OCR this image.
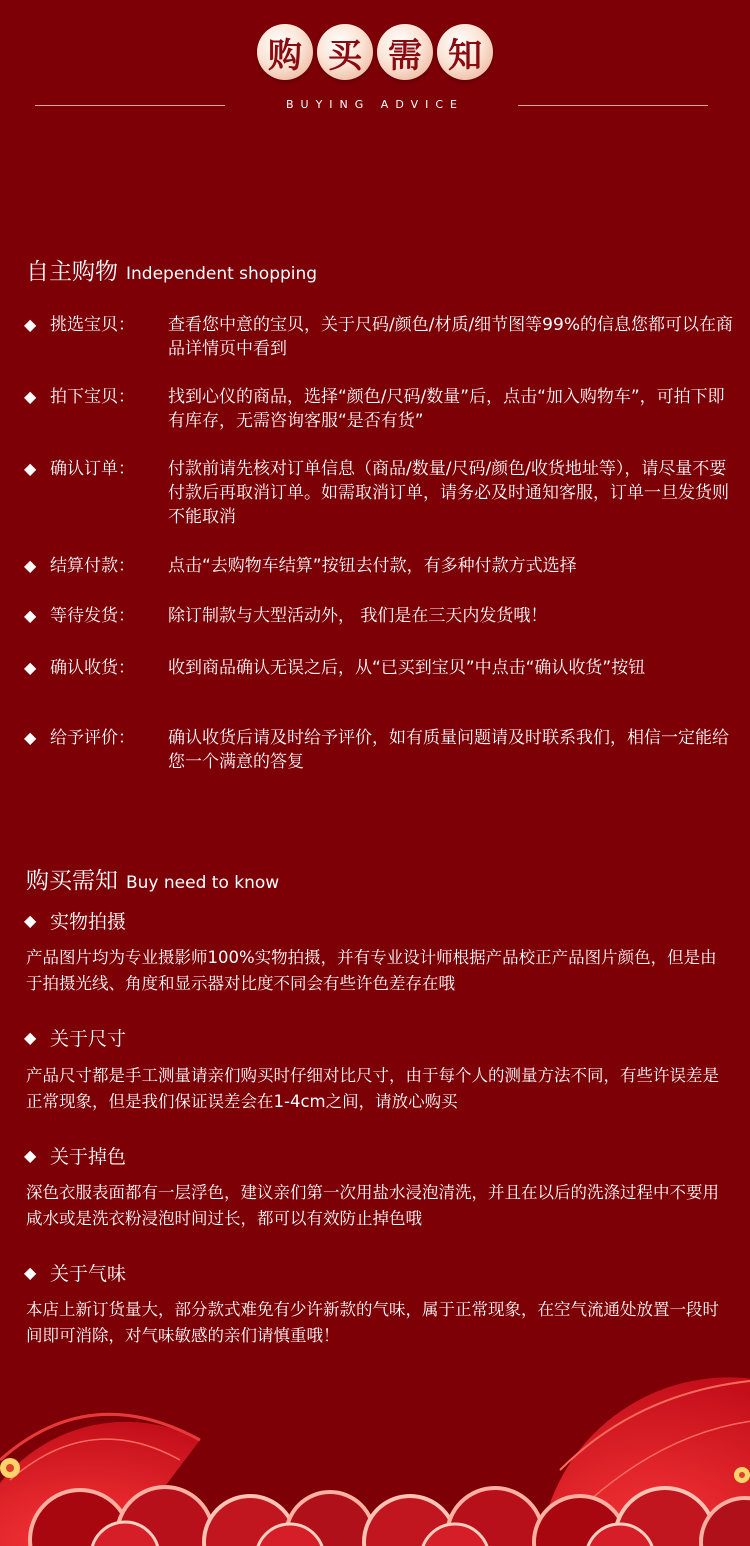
购 买 需 知
BUYING ADVICE
自主购物 Independent shopping
◆ 挑选宝贝：	查看您中意的宝贝，关于尺码/颜色/材质/细节图等99%的信息您都可以在商品详情页中看到
◆ 拍下宝贝：	找到心仪的商品，选择“颜色/尺码/数量”后，点击“加入购物车”，可拍下即有库存，无需咨询客服“是否有货”
◆ 确认订单：	付款前请先核对订单信息（商品/数量/尺码/颜色/收货地址等），请尽量不要付款后再取消订单。如需取消订单，请务必及时通知客服，订单一旦发货则不能取消
◆ 结算付款：	点击“去购物车结算”按钮去付款，有多种付款方式选择
◆ 等待发货：	除订制款与大型活动外， 我们是在三天内发货哦！
◆ 确认收货：	收到商品确认无误之后，从“已买到宝贝”中点击“确认收货”按钮
◆ 给予评价：	确认收货后请及时给予评价，如有质量问题请及时联系我们，相信一定能给您一个满意的答复
购买需知 Buy need to know
◆ 实物拍摄
产品图片均为专业摄影师100%实物拍摄，并有专业设计师根据产品校正产品图片颜色，但是由于拍摄光线、角度和显示器对比度不同会有些许色差存在哦
◆ 关于尺寸
产品尺寸都是手工测量请亲们购买时仔细对比尺寸，由于每个人的测量方法不同，有些许误差是正常现象，但是我们保证误差会在1-4cm之间，请放心购买
◆ 关于掉色
深色衣服表面都有一层浮色，建议亲们第一次用盐水浸泡清洗，并且在以后的洗涤过程中不要用咸水或是洗衣粉浸泡时间过长，都可以有效防止掉色哦
◆ 关于气味
本店上新订货量大，部分款式难免有少许新款的气味，属于正常现象，在空气流通处放置一段时间即可消除，对气味敏感的亲们请慎重哦！
